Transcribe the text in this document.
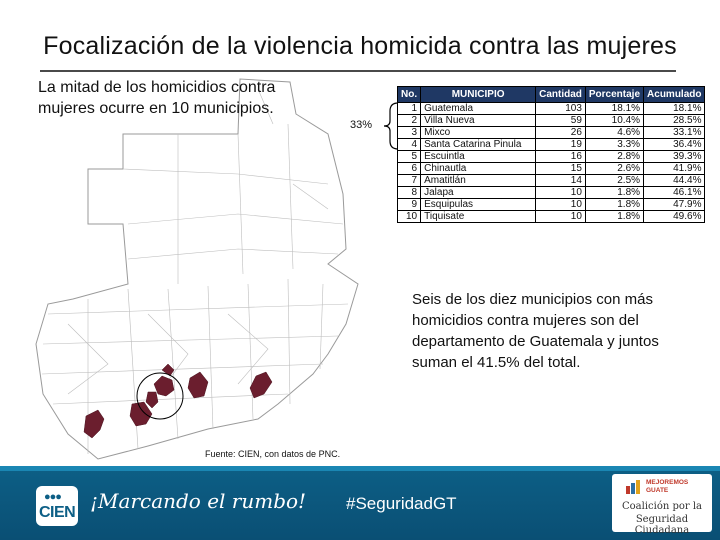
Focalización de la violencia homicida contra las mujeres
La mitad de los homicidios contra mujeres ocurre en 10 municipios.
33%
No.	MUNICIPIO	Cantidad	Porcentaje	Acumulado
1	Guatemala	103	18.1%	18.1%
2	Villa Nueva	59	10.4%	28.5%
3	Mixco	26	4.6%	33.1%
4	Santa Catarina Pinula	19	3.3%	36.4%
5	Escuintla	16	2.8%	39.3%
6	Chinautla	15	2.6%	41.9%
7	Amatitlán	14	2.5%	44.4%
8	Jalapa	10	1.8%	46.1%
9	Esquipulas	10	1.8%	47.9%
10	Tiquisate	10	1.8%	49.6%
Seis de los diez municipios con más homicidios contra mujeres son del departamento de Guatemala y juntos suman el 41.5% del total.
Fuente: CIEN, con datos de PNC.
●●●
CIEN ¡Marcando el rumbo! #SeguridadGT
MEJOREMOS
GUATE
Coalición por la
Seguridad Ciudadana
